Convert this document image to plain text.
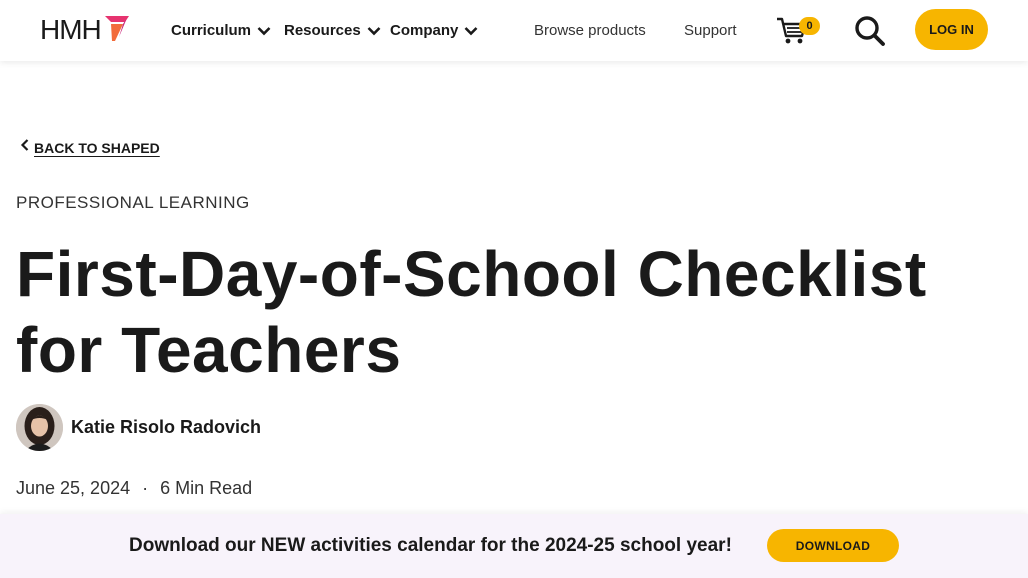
HMH	Curriculum Resources Company	Browse products	Support	0	LOG IN
BACK TO SHAPED
PROFESSIONAL LEARNING
First-Day-of-School Checklist for Teachers
Katie Risolo Radovich
June 25, 2024 · 6 Min Read
Download our NEW activities calendar for the 2024-25 school year!	DOWNLOAD
